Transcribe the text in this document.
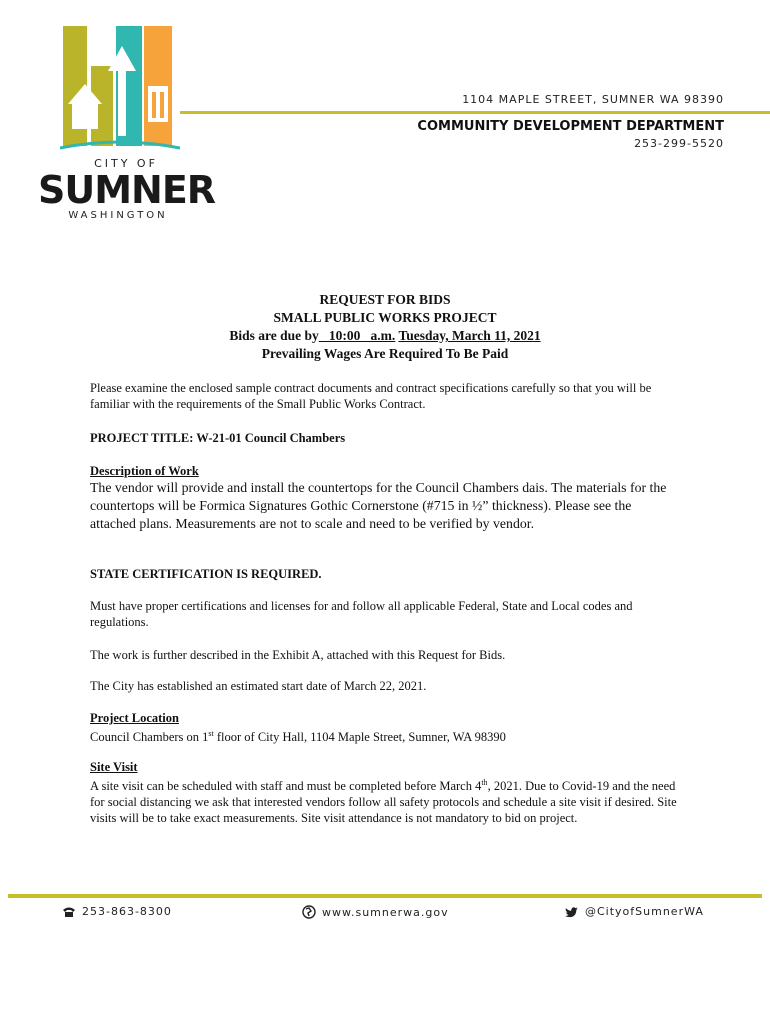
CITY OF
SUMNER
WASHINGTON
1104 MAPLE STREET, SUMNER WA 98390
COMMUNITY DEVELOPMENT DEPARTMENT
253-299-5520
REQUEST FOR BIDS
SMALL PUBLIC WORKS PROJECT
Bids are due by   10:00   a.m. Tuesday, March 11, 2021
Prevailing Wages Are Required To Be Paid
Please examine the enclosed sample contract documents and contract specifications carefully so that you will be familiar with the requirements of the Small Public Works Contract.
PROJECT TITLE: W-21-01 Council Chambers
Description of Work
The vendor will provide and install the countertops for the Council Chambers dais. The materials for the countertops will be Formica Signatures Gothic Cornerstone (#715 in ½” thickness). Please see the attached plans. Measurements are not to scale and need to be verified by vendor.
STATE CERTIFICATION IS REQUIRED.
Must have proper certifications and licenses for and follow all applicable Federal, State and Local codes and regulations.
The work is further described in the Exhibit A, attached with this Request for Bids.
The City has established an estimated start date of March 22, 2021.
Project Location
Council Chambers on 1st floor of City Hall, 1104 Maple Street, Sumner, WA 98390
Site Visit
A site visit can be scheduled with staff and must be completed before March 4th, 2021. Due to Covid-19 and the need for social distancing we ask that interested vendors follow all safety protocols and schedule a site visit if desired. Site visits will be to take exact measurements. Site visit attendance is not mandatory to bid on project.
253-863-8300	www.sumnerwa.gov	@CityofSumnerWA
